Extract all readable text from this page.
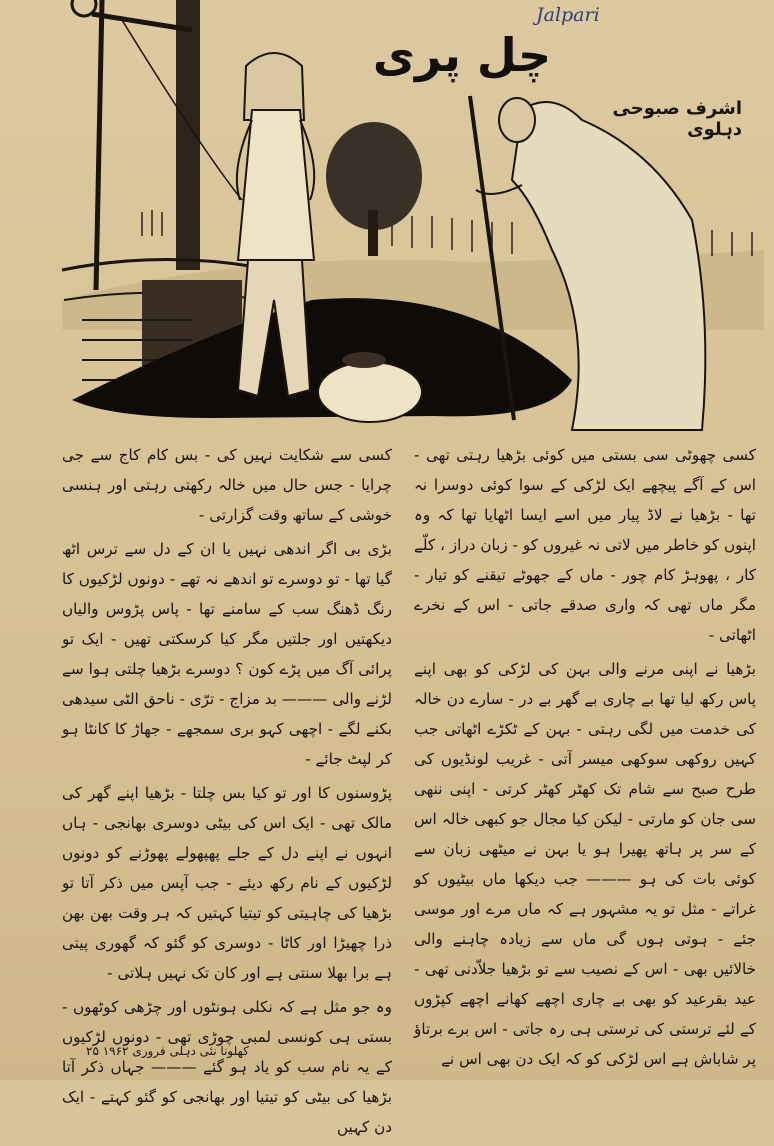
Jalpari
چل پری
اشرف صبوحی دہلوی

کسی چھوٹی سی بستی میں کوئی بڑھیا رہتی تھی - اس کے آگے پیچھے ایک لڑکی کے سوا کوئی دوسرا نہ تھا - بڑھیا نے لاڈ پیار میں اسے ایسا اٹھایا تھا کہ وہ اپنوں کو خاطر میں لاتی نہ غیروں کو - زبان دراز ، کلّے کار ، پھوہڑ کام چور - ماں کے جھوٹے تیقنے کو تیار - مگر ماں تھی کہ واری صدقے جاتی - اس کے نخرے اٹھاتی -

بڑھیا نے اپنی مرنے والی بہن کی لڑکی کو بھی اپنے پاس رکھ لیا تھا بے چاری بے گھر بے در - سارے دن خالہ کی خدمت میں لگی رہتی - بہن کے ٹکڑے اٹھاتی جب کہیں روکھی سوکھی میسر آتی - غریب لونڈیوں کی طرح صبح سے شام تک کھٹر کھٹر کرتی - اپنی ننھی سی جان کو مارتی - لیکن کیا مجال جو کبھی خالہ اس کے سر پر ہاتھ پھیرا ہو یا بہن نے میٹھی زبان سے کوئی بات کی ہو ——— جب دیکھا ماں بیٹیوں کو غراتے - مثل تو یہ مشہور ہے کہ ماں مرے اور موسی جئے - ہوتی ہوں گی ماں سے زیادہ چاہنے والی خالائیں بھی - اس کے نصیب سے تو بڑھیا جلاّدنی تھی - عید بقرعید کو بھی بے چاری اچھے کھانے اچھے کپڑوں کے لئے ترستی کی ترستی ہی رہ جاتی - اس برے برتاؤ پر شاباش ہے اس لڑکی کو کہ ایک دن بھی اس نے

کسی سے شکایت نہیں کی - بس کام کاج سے جی چرایا - جس حال میں خالہ رکھتی رہتی اور ہنسی خوشی کے ساتھ وقت گزارتی -

بڑی بی اگر اندھی نہیں یا ان کے دل سے ترس اٹھ گیا تھا - تو دوسرے تو اندھے نہ تھے - دونوں لڑکیوں کا رنگ ڈھنگ سب کے سامنے تھا - پاس پڑوس والیاں دیکھتیں اور جلتیں مگر کیا کرسکتی تھیں - ایک تو پرائی آگ میں پڑے کون ؟ دوسرے بڑھیا چلتی ہوا سے لڑنے والی ——— بد مزاج - ترّی - ناحق الٹی سیدھی بکنے لگے - اچھی کہو بری سمجھے - جھاڑ کا کانٹا ہو کر لپٹ جائے -

پڑوسنوں کا اور تو کیا بس چلتا - بڑھیا اپنے گھر کی مالک تھی - ایک اس کی بیٹی دوسری بھانجی - ہاں انہوں نے اپنے دل کے جلے پھپھولے پھوڑنے کو دونوں لڑکیوں کے نام رکھ دیئے - جب آپس میں ذکر آتا تو بڑھیا کی چاہیتی کو تیتیا کہتیں کہ ہر وقت بھن بھن ذرا چھیڑا اور کاٹا - دوسری کو گئو کہ گھوری پیتی ہے برا بھلا سنتی ہے اور کان تک نہیں ہلاتی -

وہ جو مثل ہے کہ نکلی ہونٹوں اور چڑھی کوٹھوں - بستی ہی کونسی لمبی چوڑی تھی - دونوں لڑکیوں کے یہ نام سب کو یاد ہو گئے ——— جہاں ذکر آتا بڑھیا کی بیٹی کو تیتیا اور بھانجی کو گئو کہتے - ایک دن کہیں

کھلونا نئی دہلی فروری ۱۹۶۲ ۲۵
